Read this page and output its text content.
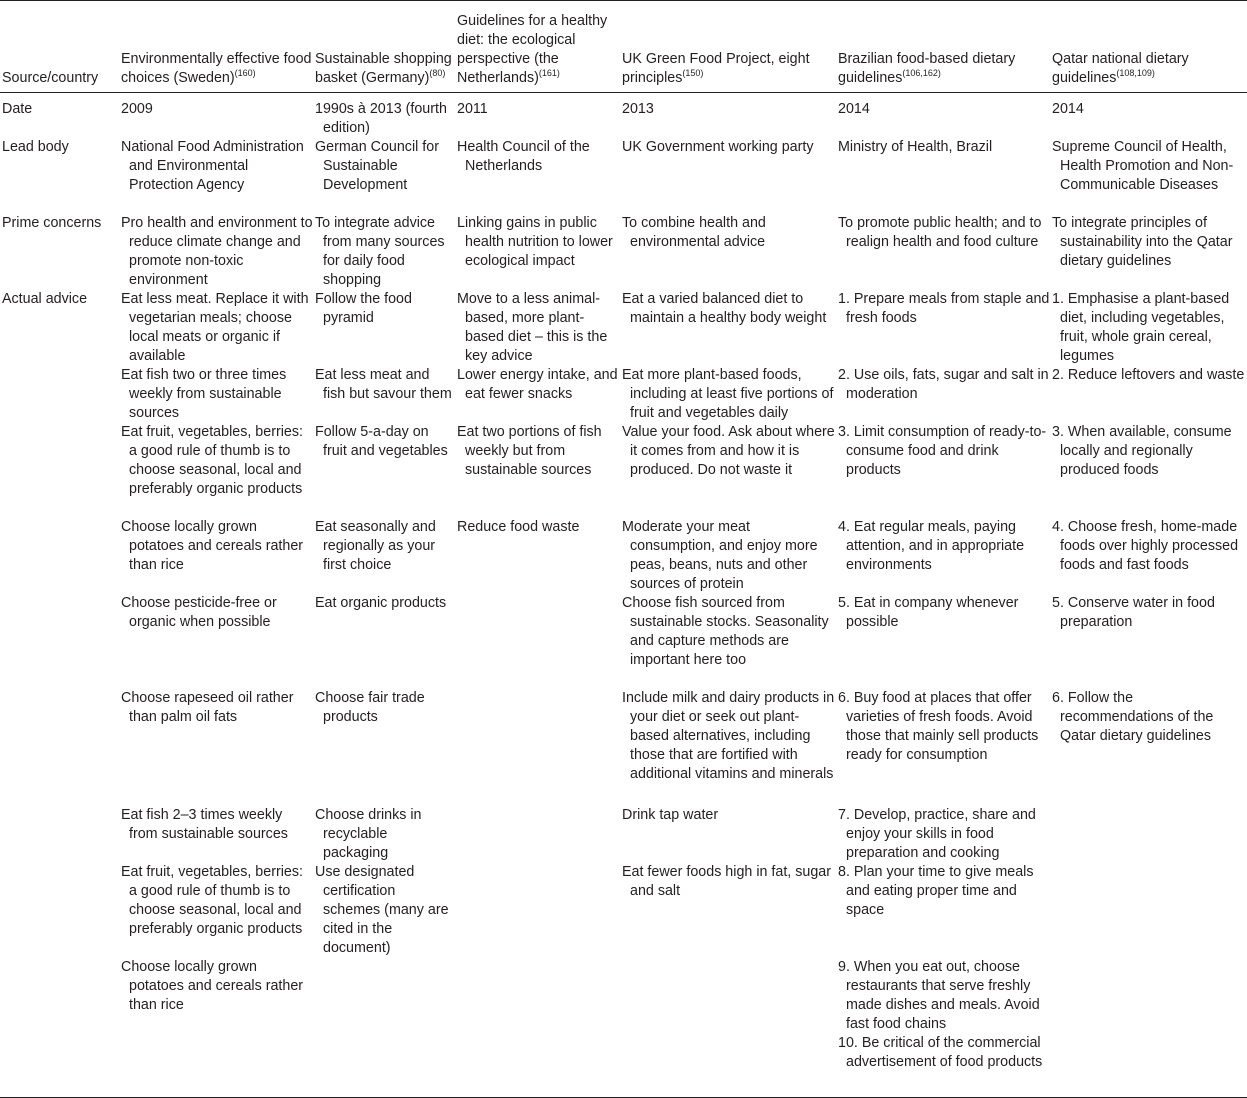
Source/country	Environmentally effective food choices (Sweden)$^{(160)}$	Sustainable shopping basket (Germany)$^{(80)}$	Guidelines for a healthy diet: the ecological perspective (the Netherlands)$^{(161)}$	UK Green Food Project, eight principles$^{(150)}$	Brazilian food-based dietary guidelines$^{(106,162)}$	Qatar national dietary guidelines$^{(108,109)}$
Date	2009	1990s à 2013 (fourth edition)	2011	2013	2014	2014
Lead body	National Food Administration and Environmental Protection Agency	German Council for Sustainable Development	Health Council of the Netherlands	UK Government working party	Ministry of Health, Brazil	Supreme Council of Health, Health Promotion and Non-Communicable Diseases
Prime concerns	Pro health and environment to reduce climate change and promote non-toxic environment	To integrate advice from many sources for daily food shopping	Linking gains in public health nutrition to lower ecological impact	To combine health and environmental advice	To promote public health; and to realign health and food culture	To integrate principles of sustainability into the Qatar dietary guidelines
Actual advice	Eat less meat. Replace it with vegetarian meals; choose local meats or organic if available	Follow the food pyramid	Move to a less animal-based, more plant-based diet – this is the key advice	Eat a varied balanced diet to maintain a healthy body weight	1. Prepare meals from staple and fresh foods	1. Emphasise a plant-based diet, including vegetables, fruit, whole grain cereal, legumes
	Eat fish two or three times weekly from sustainable sources	Eat less meat and fish but savour them	Lower energy intake, and eat fewer snacks	Eat more plant-based foods, including at least five portions of fruit and vegetables daily	2. Use oils, fats, sugar and salt in moderation	2. Reduce leftovers and waste
	Eat fruit, vegetables, berries: a good rule of thumb is to choose seasonal, local and preferably organic products	Follow 5-a-day on fruit and vegetables	Eat two portions of fish weekly but from sustainable sources	Value your food. Ask about where it comes from and how it is produced. Do not waste it	3. Limit consumption of ready-to-consume food and drink products	3. When available, consume locally and regionally produced foods
	Choose locally grown potatoes and cereals rather than rice	Eat seasonally and regionally as your first choice	Reduce food waste	Moderate your meat consumption, and enjoy more peas, beans, nuts and other sources of protein	4. Eat regular meals, paying attention, and in appropriate environments	4. Choose fresh, home-made foods over highly processed foods and fast foods
	Choose pesticide-free or organic when possible	Eat organic products		Choose fish sourced from sustainable stocks. Seasonality and capture methods are important here too	5. Eat in company whenever possible	5. Conserve water in food preparation
	Choose rapeseed oil rather than palm oil fats	Choose fair trade products		Include milk and dairy products in your diet or seek out plant-based alternatives, including those that are fortified with additional vitamins and minerals	6. Buy food at places that offer varieties of fresh foods. Avoid those that mainly sell products ready for consumption	6. Follow the recommendations of the Qatar dietary guidelines
	Eat fish 2–3 times weekly from sustainable sources	Choose drinks in recyclable packaging		Drink tap water	7. Develop, practice, share and enjoy your skills in food preparation and cooking	
	Eat fruit, vegetables, berries: a good rule of thumb is to choose seasonal, local and preferably organic products	Use designated certification schemes (many are cited in the document)		Eat fewer foods high in fat, sugar and salt	8. Plan your time to give meals and eating proper time and space	
	Choose locally grown potatoes and cereals rather than rice				9. When you eat out, choose restaurants that serve freshly made dishes and meals. Avoid fast food chains	
					10. Be critical of the commercial advertisement of food products	
